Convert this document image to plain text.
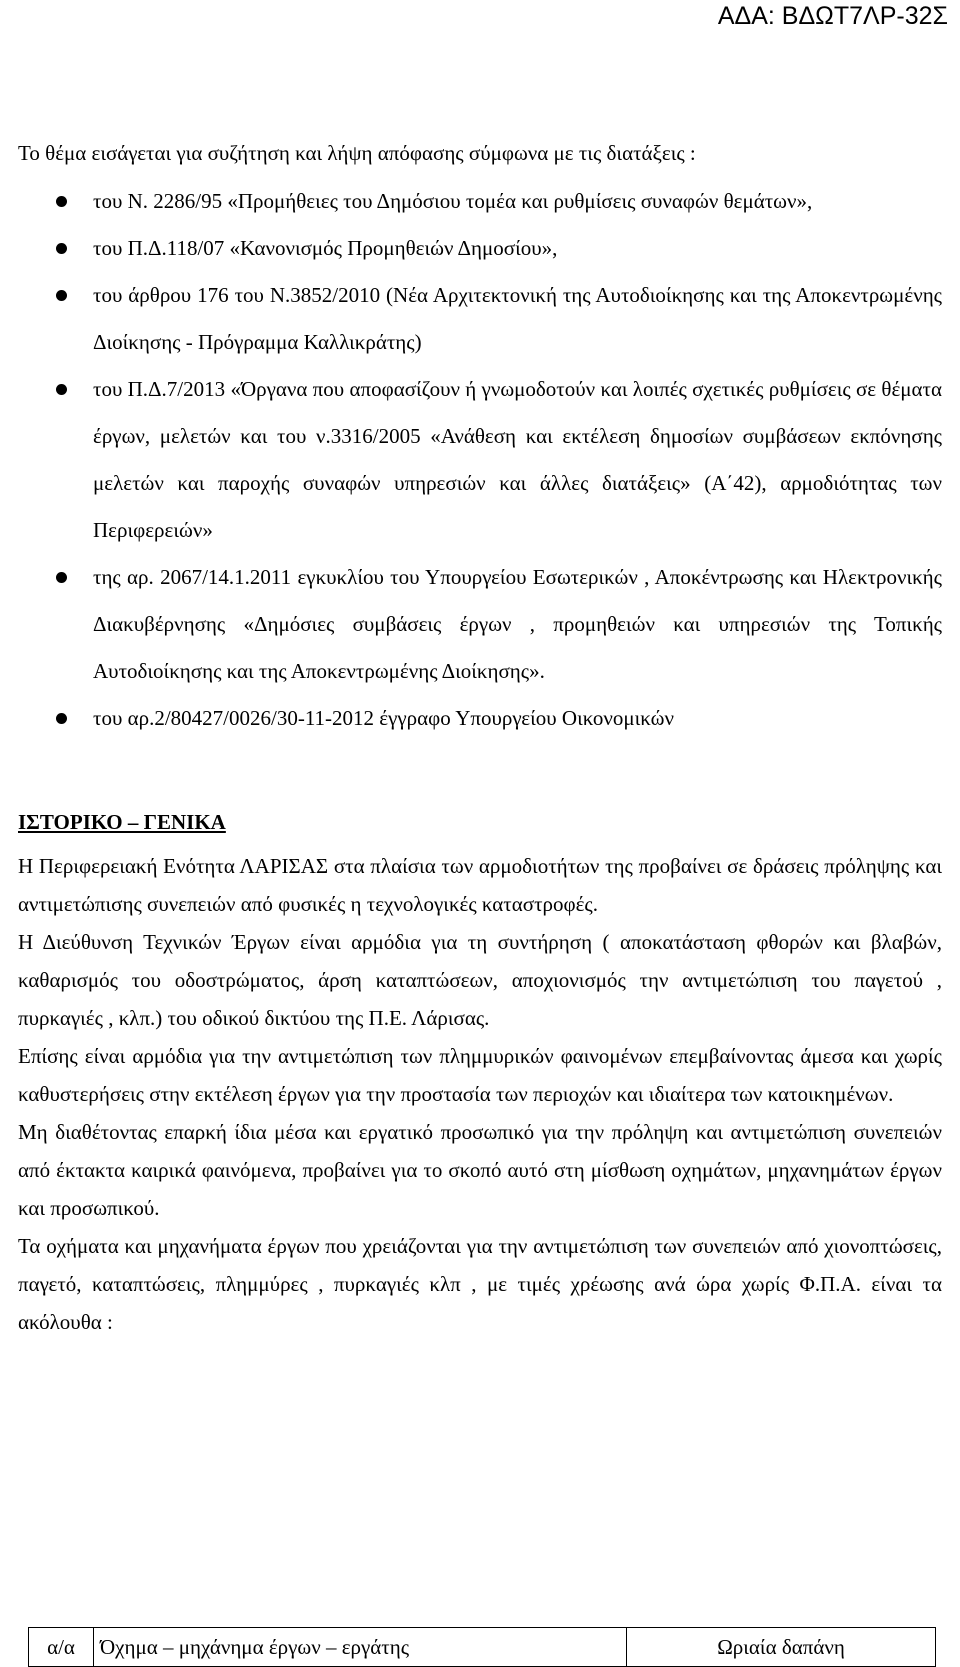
ΑΔΑ: ΒΔΩΤ7ΛΡ-32Σ

Το θέμα εισάγεται για συζήτηση και λήψη απόφασης σύμφωνα με τις διατάξεις :

του Ν. 2286/95 «Προμήθειες του Δημόσιου τομέα και ρυθμίσεις συναφών θεμάτων»,
του Π.Δ.118/07 «Κανονισμός Προμηθειών Δημοσίου»,
του άρθρου 176 του Ν.3852/2010 (Νέα Αρχιτεκτονική της Αυτοδιοίκησης και της Αποκεντρωμένης Διοίκησης - Πρόγραμμα Καλλικράτης)
του Π.Δ.7/2013 «Όργανα που αποφασίζουν ή γνωμοδοτούν και λοιπές σχετικές ρυθμίσεις σε θέματα έργων, μελετών και του ν.3316/2005 «Ανάθεση και εκτέλεση δημοσίων συμβάσεων εκπόνησης μελετών και παροχής συναφών υπηρεσιών και άλλες διατάξεις» (Α΄42), αρμοδιότητας των Περιφερειών»
της αρ. 2067/14.1.2011 εγκυκλίου του Υπουργείου Εσωτερικών , Αποκέντρωσης και Ηλεκτρονικής Διακυβέρνησης «Δημόσιες συμβάσεις έργων , προμηθειών και υπηρεσιών της Τοπικής Αυτοδιοίκησης και της Αποκεντρωμένης Διοίκησης».
του αρ.2/80427/0026/30-11-2012 έγγραφο Υπουργείου Οικονομικών

ΙΣΤΟΡΙΚΟ – ΓΕΝΙΚΑ

Η Περιφερειακή Ενότητα ΛΑΡΙΣΑΣ στα πλαίσια των αρμοδιοτήτων της προβαίνει σε δράσεις πρόληψης και αντιμετώπισης συνεπειών από φυσικές η τεχνολογικές καταστροφές.

Η Διεύθυνση Τεχνικών Έργων είναι αρμόδια για τη συντήρηση ( αποκατάσταση φθορών και βλαβών, καθαρισμός του οδοστρώματος, άρση καταπτώσεων, αποχιονισμός την αντιμετώπιση του παγετού , πυρκαγιές , κλπ.) του οδικού δικτύου της Π.Ε. Λάρισας.

Επίσης είναι αρμόδια για την αντιμετώπιση των πλημμυρικών φαινομένων επεμβαίνοντας άμεσα και χωρίς καθυστερήσεις στην εκτέλεση έργων για την προστασία των περιοχών και ιδιαίτερα των κατοικημένων.

Μη διαθέτοντας επαρκή ίδια μέσα και εργατικό προσωπικό για την πρόληψη και αντιμετώπιση συνεπειών από έκτακτα καιρικά φαινόμενα, προβαίνει για το σκοπό αυτό στη μίσθωση οχημάτων, μηχανημάτων έργων και προσωπικού.

Τα οχήματα και μηχανήματα έργων που χρειάζονται για την αντιμετώπιση των συνεπειών από χιονοπτώσεις, παγετό, καταπτώσεις, πλημμύρες , πυρκαγιές κλπ , με τιμές χρέωσης ανά ώρα χωρίς Φ.Π.Α. είναι τα ακόλουθα :

α/α	Όχημα – μηχάνημα έργων – εργάτης	Ωριαία δαπάνη
